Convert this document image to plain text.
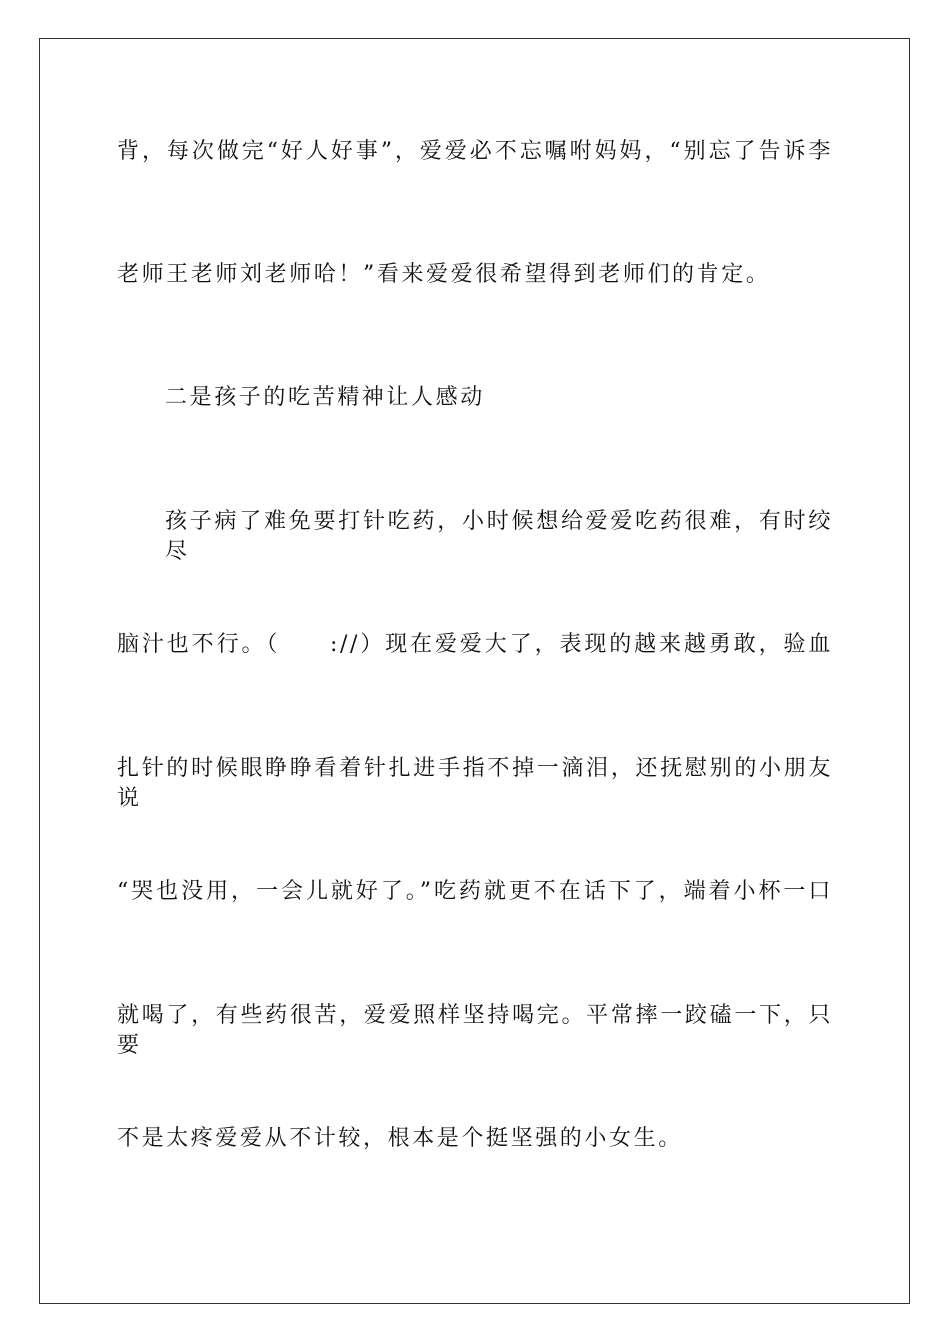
背，每次做完“好人好事”，爱爱必不忘嘱咐妈妈，“别忘了告诉李
老师王老师刘老师哈！”看来爱爱很希望得到老师们的肯定。
二是孩子的吃苦精神让人感动
孩子病了难免要打针吃药，小时候想给爱爱吃药很难，有时绞尽
脑汁也不行。（　　://）现在爱爱大了，表现的越来越勇敢，验血
扎针的时候眼睁睁看着针扎进手指不掉一滴泪，还抚慰别的小朋友说
“哭也没用，一会儿就好了。”吃药就更不在话下了，端着小杯一口
就喝了，有些药很苦，爱爱照样坚持喝完。平常摔一跤磕一下，只要
不是太疼爱爱从不计较，根本是个挺坚强的小女生。
